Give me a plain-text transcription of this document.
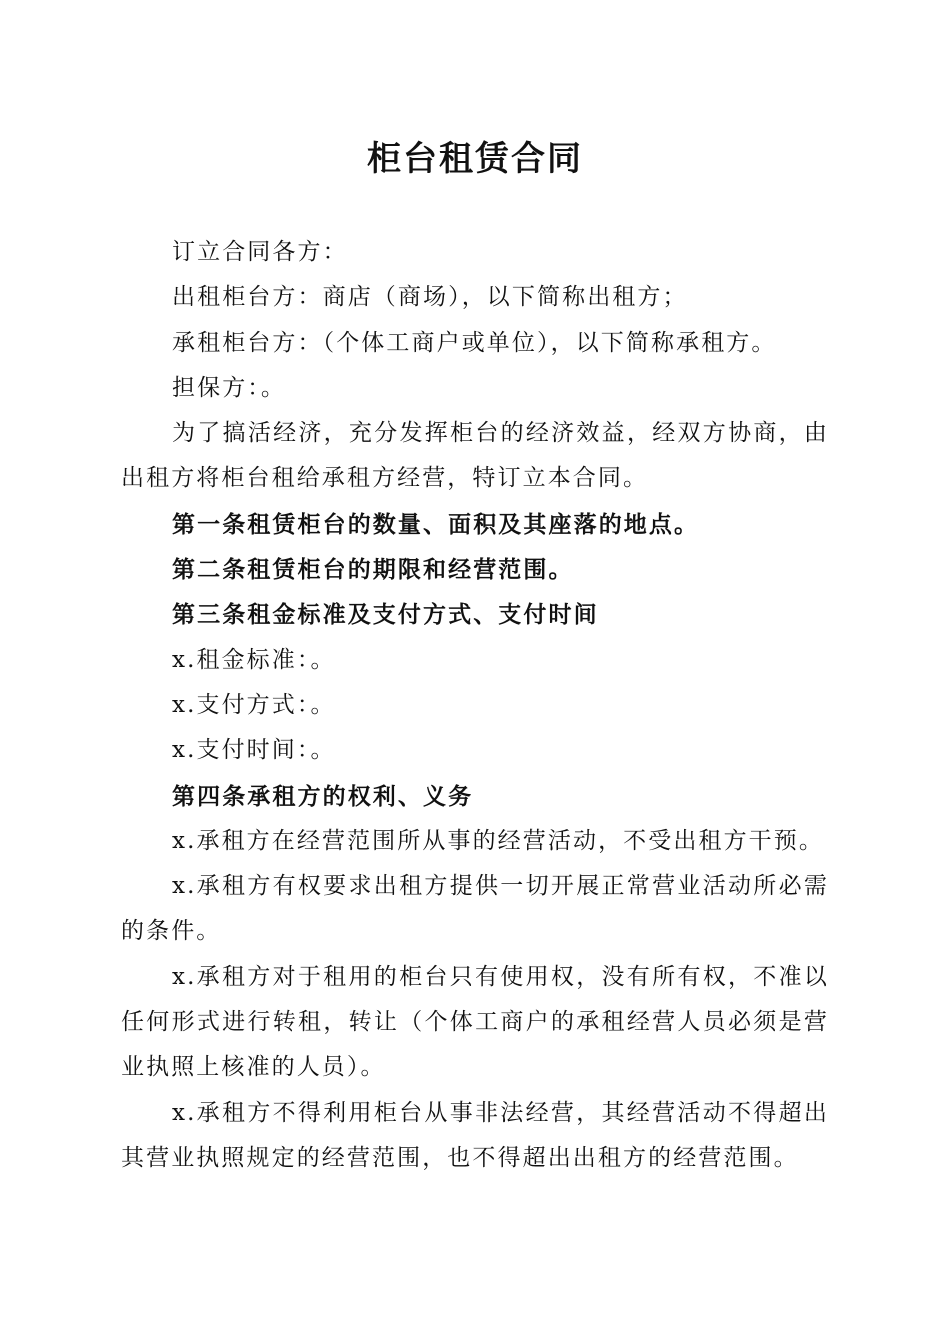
柜台租赁合同

订立合同各方：

出租柜台方：商店（商场），以下简称出租方；

承租柜台方：（个体工商户或单位），以下简称承租方。

担保方：。

为了搞活经济，充分发挥柜台的经济效益，经双方协商，由出租方将柜台租给承租方经营，特订立本合同。

第一条租赁柜台的数量、面积及其座落的地点。

第二条租赁柜台的期限和经营范围。

第三条租金标准及支付方式、支付时间

x.租金标准：。

x.支付方式：。

x.支付时间：。

第四条承租方的权利、义务

x.承租方在经营范围所从事的经营活动，不受出租方干预。

x.承租方有权要求出租方提供一切开展正常营业活动所必需的条件。

x.承租方对于租用的柜台只有使用权，没有所有权，不准以任何形式进行转租，转让（个体工商户的承租经营人员必须是营业执照上核准的人员）。

x.承租方不得利用柜台从事非法经营，其经营活动不得超出其营业执照规定的经营范围，也不得超出出租方的经营范围。
